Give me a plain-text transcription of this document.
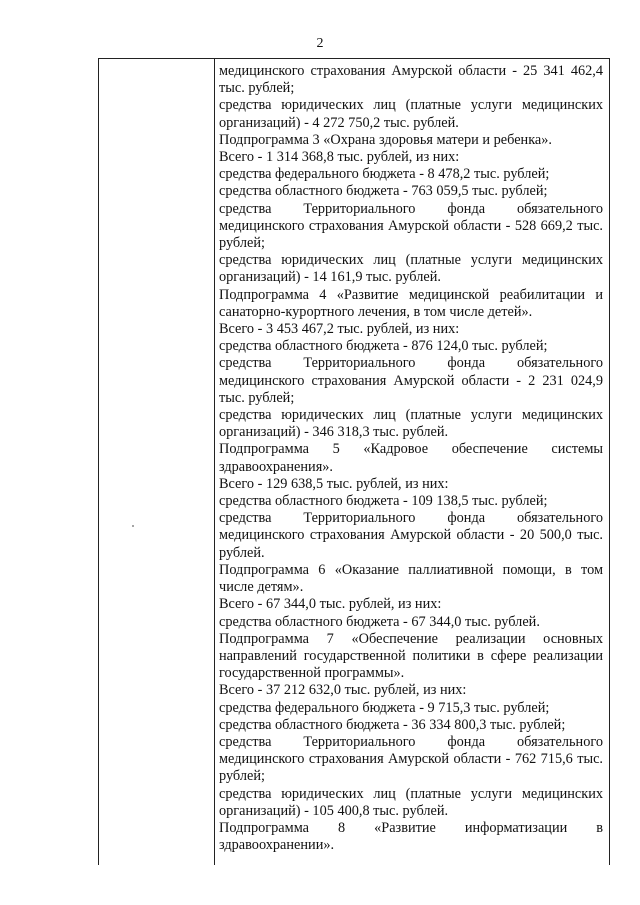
2

медицинского страхования Амурской области - 25 341 462,4 тыс. рублей;

средства юридических лиц (платные услуги медицинских организаций) - 4 272 750,2 тыс. рублей.

Подпрограмма 3 «Охрана здоровья матери и ребенка».

Всего - 1 314 368,8 тыс. рублей, из них:

средства федерального бюджета - 8 478,2 тыс. рублей;

средства областного бюджета - 763 059,5 тыс. рублей;

средства Территориального фонда обязательного медицинского страхования Амурской области - 528 669,2 тыс. рублей;

средства юридических лиц (платные услуги медицинских организаций) - 14 161,9 тыс. рублей.

Подпрограмма 4 «Развитие медицинской реабилитации и санаторно-курортного лечения, в том числе детей».

Всего - 3 453 467,2 тыс. рублей, из них:

средства областного бюджета - 876 124,0 тыс. рублей;

средства Территориального фонда обязательного медицинского страхования Амурской области - 2 231 024,9 тыс. рублей;

средства юридических лиц (платные услуги медицинских организаций) - 346 318,3 тыс. рублей.

Подпрограмма 5 «Кадровое обеспечение системы здравоохранения».

Всего - 129 638,5 тыс. рублей, из них:

средства областного бюджета - 109 138,5 тыс. рублей;

средства Территориального фонда обязательного медицинского страхования Амурской области - 20 500,0 тыс. рублей.

Подпрограмма 6 «Оказание паллиативной помощи, в том числе детям».

Всего - 67 344,0 тыс. рублей, из них:

средства областного бюджета - 67 344,0 тыс. рублей.

Подпрограмма 7 «Обеспечение реализации основных направлений государственной политики в сфере реализации государственной программы».

Всего - 37 212 632,0 тыс. рублей, из них:

средства федерального бюджета - 9 715,3 тыс. рублей;

средства областного бюджета - 36 334 800,3 тыс. рублей;

средства Территориального фонда обязательного медицинского страхования Амурской области - 762 715,6 тыс. рублей;

средства юридических лиц (платные услуги медицинских организаций) - 105 400,8 тыс. рублей.

Подпрограмма 8 «Развитие информатизации в здравоохранении».
